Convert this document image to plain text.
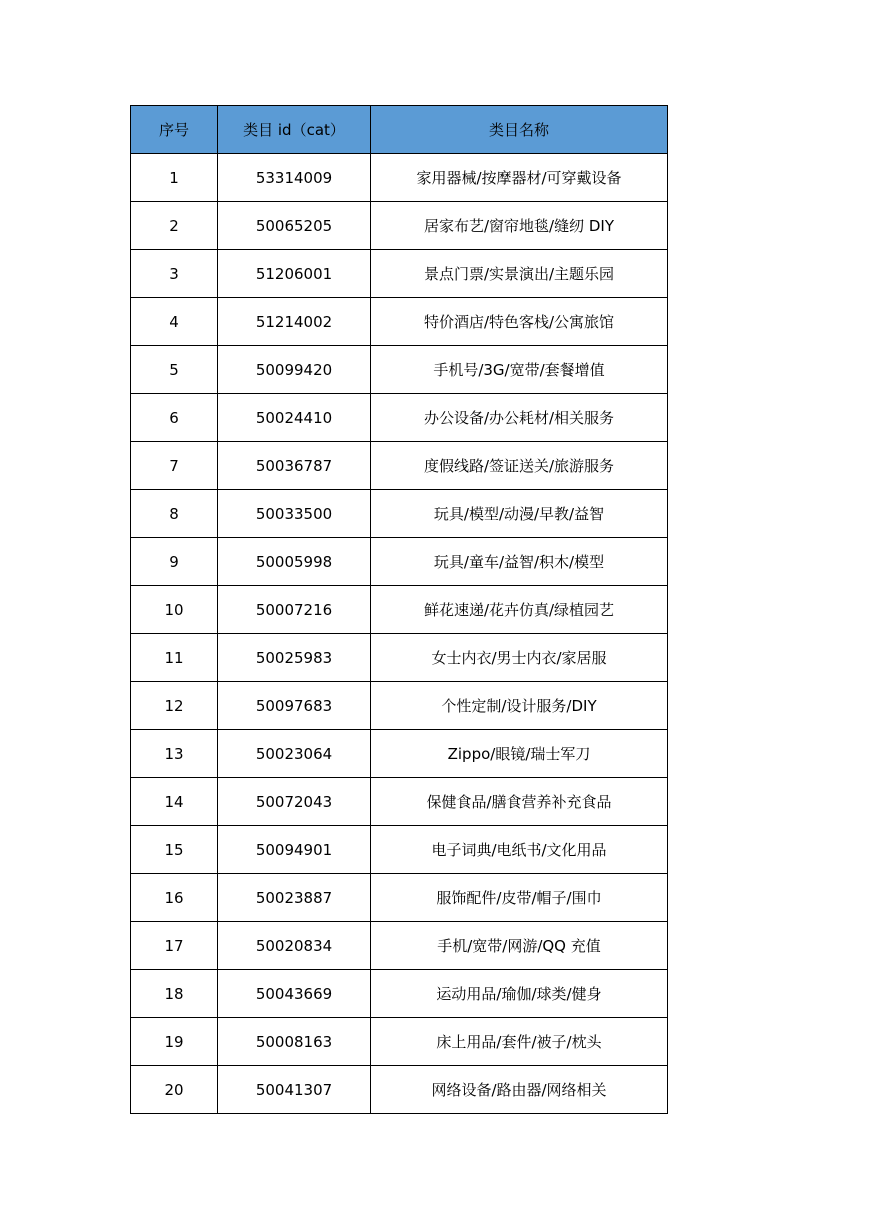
序号	类目 id（cat）	类目名称
1	53314009	家用器械/按摩器材/可穿戴设备
2	50065205	居家布艺/窗帘地毯/缝纫 DIY
3	51206001	景点门票/实景演出/主题乐园
4	51214002	特价酒店/特色客栈/公寓旅馆
5	50099420	手机号/3G/宽带/套餐增值
6	50024410	办公设备/办公耗材/相关服务
7	50036787	度假线路/签证送关/旅游服务
8	50033500	玩具/模型/动漫/早教/益智
9	50005998	玩具/童车/益智/积木/模型
10	50007216	鲜花速递/花卉仿真/绿植园艺
11	50025983	女士内衣/男士内衣/家居服
12	50097683	个性定制/设计服务/DIY
13	50023064	Zippo/眼镜/瑞士军刀
14	50072043	保健食品/膳食营养补充食品
15	50094901	电子词典/电纸书/文化用品
16	50023887	服饰配件/皮带/帽子/围巾
17	50020834	手机/宽带/网游/QQ 充值
18	50043669	运动用品/瑜伽/球类/健身
19	50008163	床上用品/套件/被子/枕头
20	50041307	网络设备/路由器/网络相关
